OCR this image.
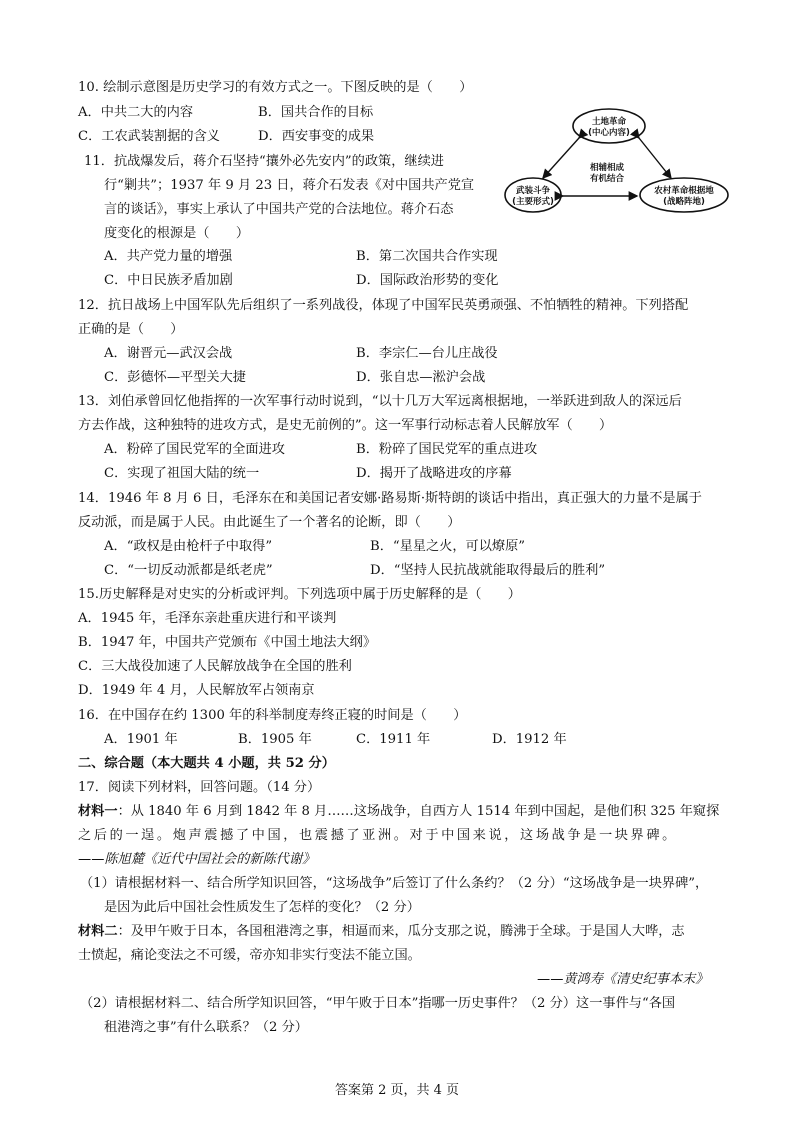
10. 绘制示意图是历史学习的有效方式之一。下图反映的是（　　）
A．中共二大的内容	B．国共合作的目标
C．工农武装割据的含义	D．西安事变的成果
土地革命
(中心内容)
武装斗争
(主要形式)
农村革命根据地
(战略阵地)
相辅相成
有机结合
11．抗战爆发后，蒋介石坚持“攘外必先安内”的政策，继续进
行“剿共”；1937 年 9 月 23 日，蒋介石发表《对中国共产党宣
言的谈话》，事实上承认了中国共产党的合法地位。蒋介石态
度变化的根源是（　　）
A．共产党力量的增强	B．第二次国共合作实现
C．中日民族矛盾加剧	D．国际政治形势的变化
12．抗日战场上中国军队先后组织了一系列战役，体现了中国军民英勇顽强、不怕牺牲的精神。下列搭配
正确的是（　　）
A．谢晋元—武汉会战	B．李宗仁—台儿庄战役
C．彭德怀—平型关大捷	D．张自忠—淞沪会战
13．刘伯承曾回忆他指挥的一次军事行动时说到，“以十几万大军远离根据地，一举跃进到敌人的深远后
方去作战，这种独特的进攻方式，是史无前例的”。这一军事行动标志着人民解放军（　　）
A．粉碎了国民党军的全面进攻	B．粉碎了国民党军的重点进攻
C．实现了祖国大陆的统一	D．揭开了战略进攻的序幕
14．1946 年 8 月 6 日，毛泽东在和美国记者安娜·路易斯·斯特朗的谈话中指出，真正强大的力量不是属于
反动派，而是属于人民。由此诞生了一个著名的论断，即（　　）
A．“政权是由枪杆子中取得”	B．“星星之火，可以燎原”
C．“一切反动派都是纸老虎”	D．“坚持人民抗战就能取得最后的胜利”
15.历史解释是对史实的分析或评判。下列选项中属于历史解释的是（　　）
A．1945 年，毛泽东亲赴重庆进行和平谈判
B．1947 年，中国共产党颁布《中国土地法大纲》
C．三大战役加速了人民解放战争在全国的胜利
D．1949 年 4 月，人民解放军占领南京
16．在中国存在约 1300 年的科举制度寿终正寝的时间是（　　）
A．1901 年	B．1905 年	C．1911 年	D．1912 年
二、综合题（本大题共 4 小题，共 52 分）
17．阅读下列材料，回答问题。（14 分）
材料一：从 1840 年 6 月到 1842 年 8 月……这场战争，自西方人 1514 年到中国起，是他们积 325 年窥探
之后的一逞。炮声震撼了中国，也震撼了亚洲。对于中国来说，这场战争是一块界碑。
——陈旭麓《近代中国社会的新陈代谢》
（1）请根据材料一、结合所学知识回答，“这场战争”后签订了什么条约？（2 分）“这场战争是一块界碑”，
是因为此后中国社会性质发生了怎样的变化？（2 分）
材料二：及甲午败于日本，各国租港湾之事，相逼而来，瓜分支那之说，腾沸于全球。于是国人大哗，志
士愤起，痛论变法之不可缓，帝亦知非实行变法不能立国。
——黄鸿寿《清史纪事本末》
（2）请根据材料二、结合所学知识回答，“甲午败于日本”指哪一历史事件？（2 分）这一事件与“各国
租港湾之事”有什么联系？（2 分）
答案第 2 页，共 4 页
